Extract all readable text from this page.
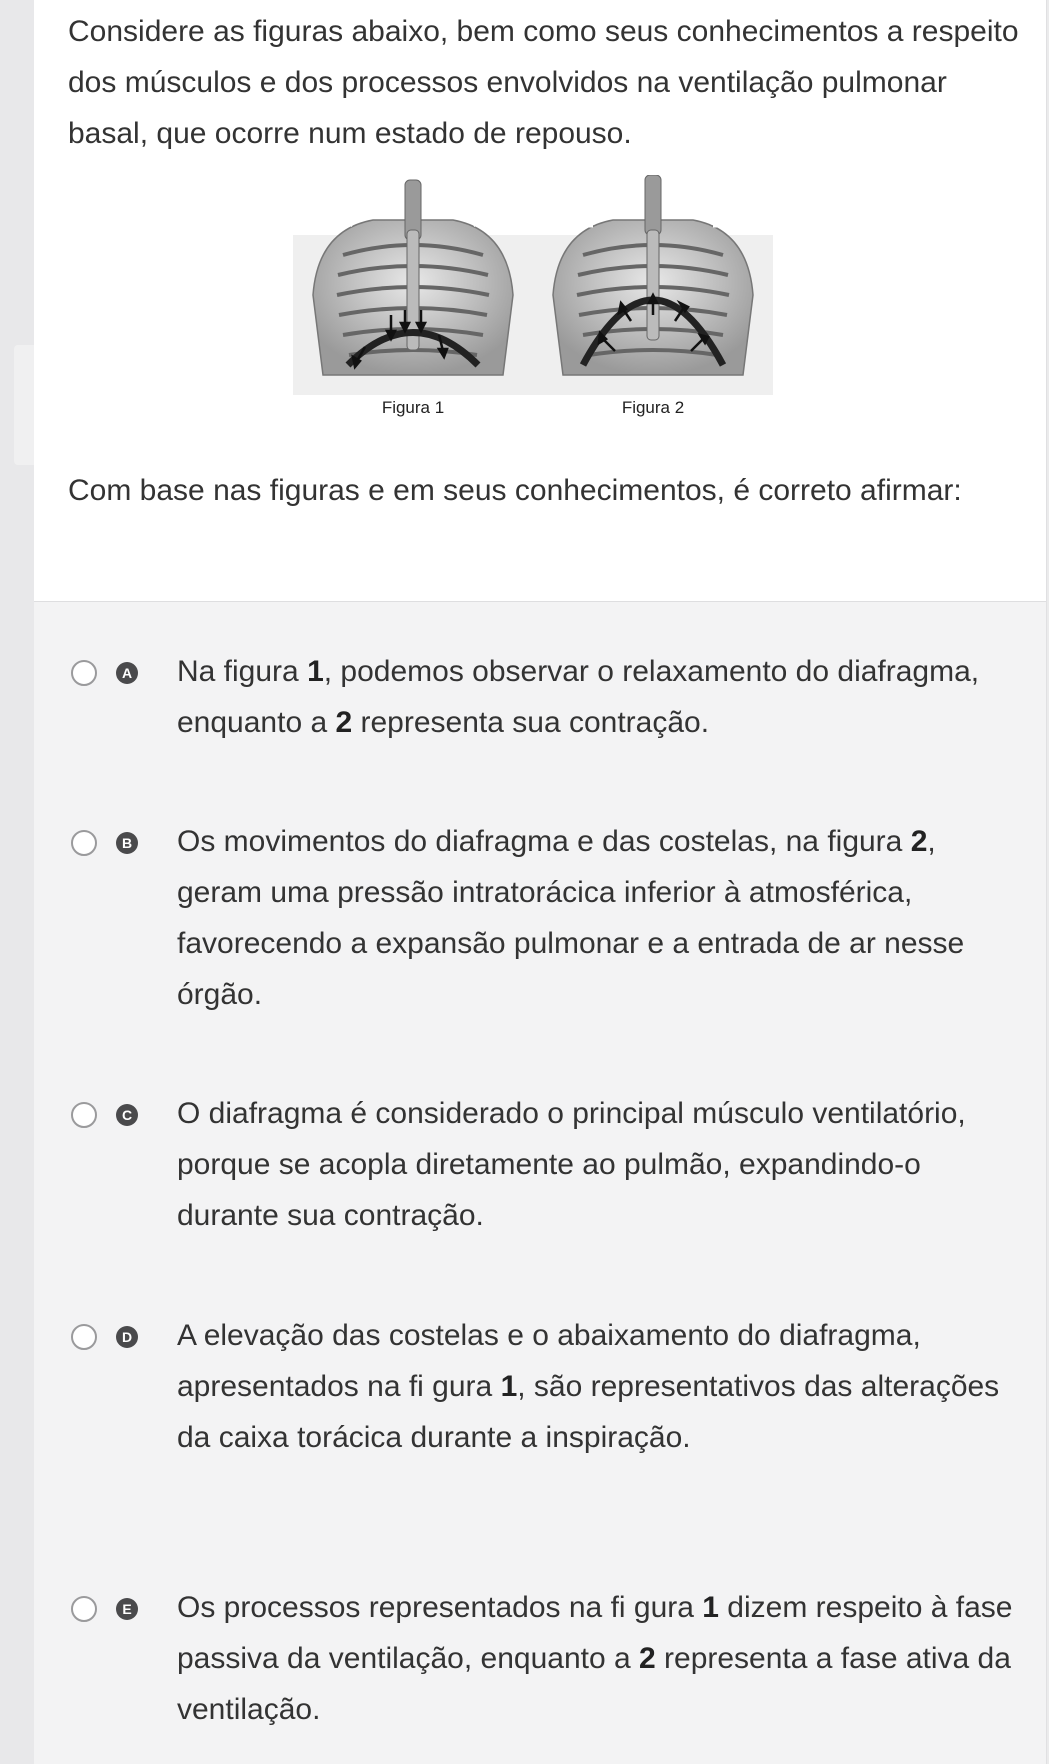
Considere as figuras abaixo, bem como seus conhecimentos a respeito dos músculos e dos processos envolvidos na ventilação pulmonar basal, que ocorre num estado de repouso.
Figura 1	Figura 2
Com base nas figuras e em seus conhecimentos, é correto afirmar:
A Na figura 1, podemos observar o relaxamento do diafragma, enquanto a 2 representa sua contração.
B Os movimentos do diafragma e das costelas, na figura 2, geram uma pressão intratorácica inferior à atmosférica, favorecendo a expansão pulmonar e a entrada de ar nesse órgão.
C O diafragma é considerado o principal músculo ventilatório, porque se acopla diretamente ao pulmão, expandindo-o durante sua contração.
D A elevação das costelas e o abaixamento do diafragma, apresentados na fi gura 1, são representativos das alterações da caixa torácica durante a inspiração.
E Os processos representados na fi gura 1 dizem respeito à fase passiva da ventilação, enquanto a 2 representa a fase ativa da ventilação.
